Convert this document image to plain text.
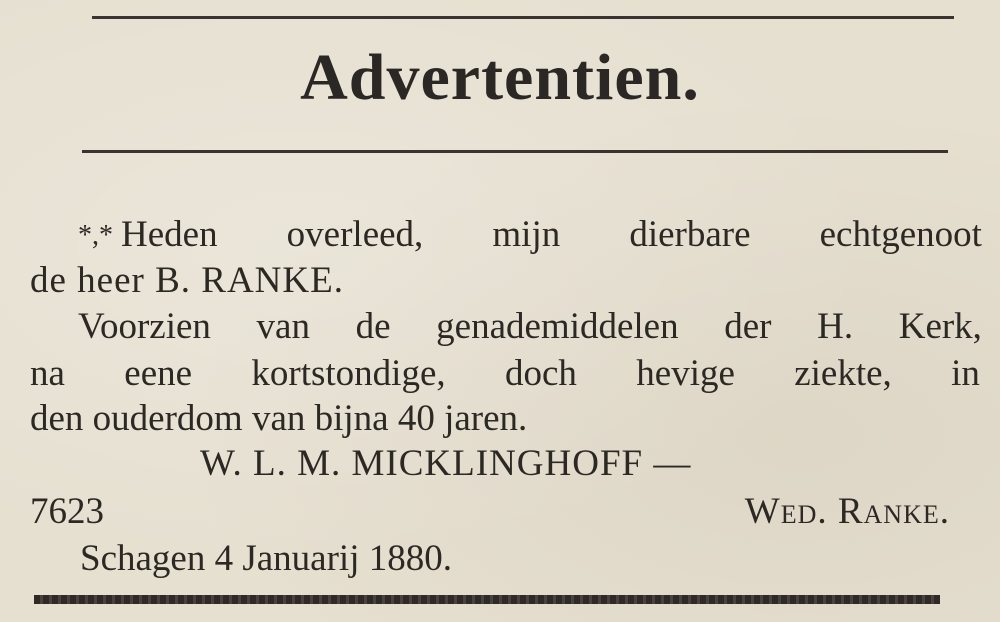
Advertentien.
*,* Heden overleed, mijn dierbare echtgenoot
de heer B. RANKE.
Voorzien van de genademiddelen der H. Kerk,
na eene kortstondige, doch hevige ziekte, in
den ouderdom van bijna 40 jaren.
W. L. M. MICKLINGHOFF —
7623	Wed. Ranke.
Schagen 4 Januarij 1880.
